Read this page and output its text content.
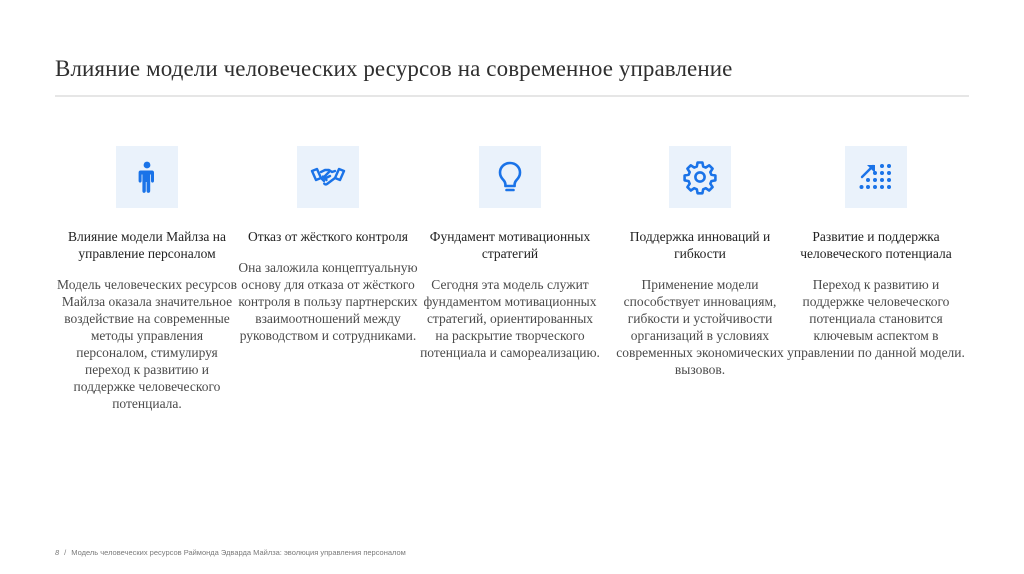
Влияние модели человеческих ресурсов на современное управление
Влияние модели Майлза на управление персоналом
Модель человеческих ресурсов Майлза оказала значительное воздействие на современные методы управления персоналом, стимулируя переход к развитию и поддержке человеческого потенциала.
Отказ от жёсткого контроля
Она заложила концептуальную основу для отказа от жёсткого контроля в пользу партнерских взаимоотношений между руководством и сотрудниками.
Фундамент мотивационных стратегий
Сегодня эта модель служит фундаментом мотивационных стратегий, ориентированных на раскрытие творческого потенциала и самореализацию.
Поддержка инноваций и гибкости
Применение модели способствует инновациям, гибкости и устойчивости организаций в условиях современных экономических вызовов.
Развитие и поддержка человеческого потенциала
Переход к развитию и поддержке человеческого потенциала становится ключевым аспектом в управлении по данной модели.
8 / Модель человеческих ресурсов Раймонда Эдварда Майлза: эволюция управления персоналом
